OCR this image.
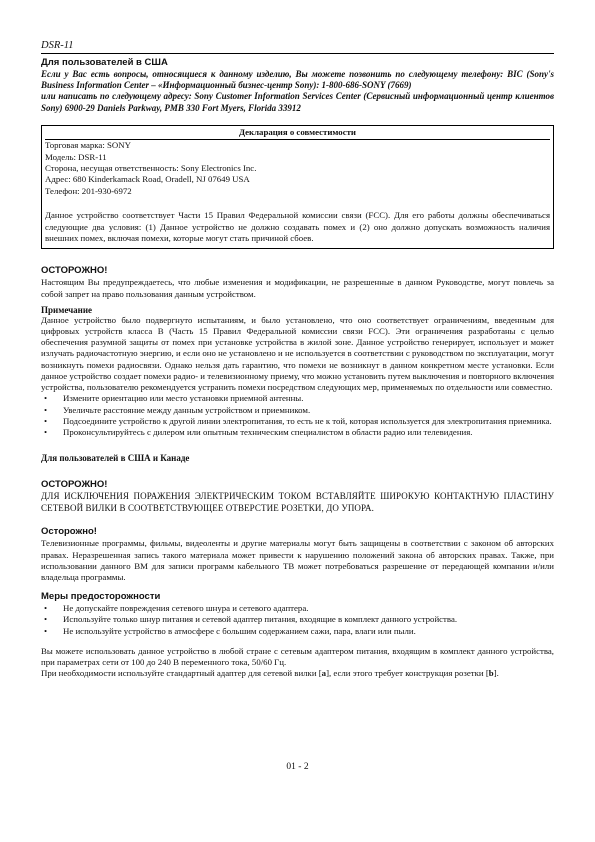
DSR-11
Для пользователей в США

Если у Вас есть вопросы, относящиеся к данному изделию, Вы можете позвонить по следующему телефону: BIC (Sony's Business Information Center – «Информационный бизнес-центр Sony): 1-800-686-SONY (7669)

или написать по следующему адресу: Sony Customer Information Services Center (Сервисный информационный центр клиентов Sony) 6900-29 Daniels Parkway, PMB 330 Fort Myers, Florida 33912

Декларация о совместимости

Торговая марка: SONY

Модель: DSR-11

Сторона, несущая ответственность: Sony Electronics Inc.

Адрес: 680 Kinderkamack Road, Oradell, NJ 07649 USA

Телефон: 201-930-6972

Данное устройство соответствует Части 15 Правил Федеральной комиссии связи (FCC). Для его работы должны обеспечиваться следующие два условия: (1) Данное устройство не должно создавать помех и (2) оно должно допускать возможность наличия внешних помех, включая помехи, которые могут стать причиной сбоев.

ОСТОРОЖНО!

Настоящим Вы предупреждаетесь, что любые изменения и модификации, не разрешенные в данном Руководстве, могут повлечь за собой запрет на право пользования данным устройством.

Примечание

Данное устройство было подвергнуто испытаниям, и было установлено, что оно соответствует ограничениям, введенным для цифровых устройств класса В (Часть 15 Правил Федеральной комиссии связи FCC). Эти ограничения разработаны с целью обеспечения разумной защиты от помех при установке устройства в жилой зоне. Данное устройство генерирует, использует и может излучать радиочастотную энергию, и если оно не установлено и не используется в соответствии с руководством по эксплуатации, могут возникнуть помехи радиосвязи. Однако нельзя дать гарантию, что помехи не возникнут в данном конкретном месте установки. Если данное устройство создает помехи радио- и телевизионному приему, что можно установить путем выключения и повторного включения устройства, пользователю рекомендуется устранить помехи посредством следующих мер, применяемых по отдельности или совместно.

• Измените ориентацию или место установки приемной антенны.
• Увеличьте расстояние между данным устройством и приемником.
• Подсоедините устройство к другой линии электропитания, то есть не к той, которая используется для электропитания приемника.
• Проконсультируйтесь с дилером или опытным техническим специалистом в области радио или телевидения.

Для пользователей в США и Канаде

ОСТОРОЖНО!

ДЛЯ ИСКЛЮЧЕНИЯ ПОРАЖЕНИЯ ЭЛЕКТРИЧЕСКИМ ТОКОМ ВСТАВЛЯЙТЕ ШИРОКУЮ КОНТАКТНУЮ ПЛАСТИНУ СЕТЕВОЙ ВИЛКИ В СООТВЕТСТВУЮЩЕЕ ОТВЕРСТИЕ РОЗЕТКИ, ДО УПОРА.

Осторожно!

Телевизионные программы, фильмы, видеоленты и другие материалы могут быть защищены в соответствии с законом об авторских правах. Неразрешенная запись такого материала может привести к нарушению положений закона об авторских правах. Также, при использовании данного ВМ для записи программ кабельного ТВ может потребоваться разрешение от передающей компании и/или владельца программы.

Меры предосторожности
• Не допускайте повреждения сетевого шнура и сетевого адаптера.
• Используйте только шнур питания и сетевой адаптер питания, входящие в комплект данного устройства.
• Не используйте устройство в атмосфере с большим содержанием сажи, пара, влаги или пыли.

Вы можете использовать данное устройство в любой стране с сетевым адаптером питания, входящим в комплект данного устройства, при параметрах сети от 100 до 240 В переменного тока, 50/60 Гц.

При необходимости используйте стандартный адаптер для сетевой вилки [a], если этого требует конструкция розетки [b].

01 - 2
